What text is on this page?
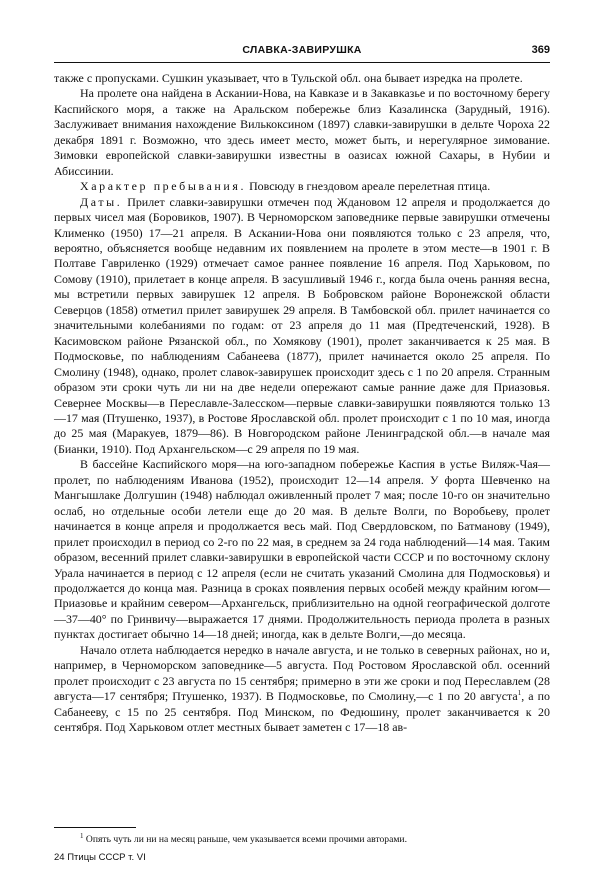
СЛАВКА-ЗАВИРУШКА	369

также с пропусками. Сушкин указывает, что в Тульской обл. она бывает изредка на пролете.

На пролете она найдена в Аскании-Нова, на Кавказе и в Закавказье и по восточному берегу Каспийского моря, а также на Аральском побережье близ Казалинска (Зарудный, 1916). Заслуживает внимания нахождение Вилькоксином (1897) славки-завирушки в дельте Чороха 22 декабря 1891 г. Возможно, что здесь имеет место, может быть, и нерегулярное зимование. Зимовки европейской славки-завирушки известны в оазисах южной Сахары, в Нубии и Абиссинии.

Характер пребывания. Повсюду в гнездовом ареале перелетная птица.

Даты. Прилет славки-завирушки отмечен под Ждановом 12 апреля и продолжается до первых чисел мая (Боровиков, 1907). В Черноморском заповеднике первые завирушки отмечены Клименко (1950) 17—21 апреля. В Аскании-Нова они появляются только с 23 апреля, что, вероятно, объясняется вообще недавним их появлением на пролете в этом месте—в 1901 г. В Полтаве Гавриленко (1929) отмечает самое раннее появление 16 апреля. Под Харьковом, по Сомову (1910), прилетает в конце апреля. В засушливый 1946 г., когда была очень ранняя весна, мы встретили первых завирушек 12 апреля. В Бобровском районе Воронежской области Северцов (1858) отметил прилет завирушек 29 апреля. В Тамбовской обл. прилет начинается со значительными колебаниями по годам: от 23 апреля до 11 мая (Предтеченский, 1928). В Касимовском районе Рязанской обл., по Хомякову (1901), пролет заканчивается к 25 мая. В Подмосковье, по наблюдениям Сабанеева (1877), прилет начинается около 25 апреля. По Смолину (1948), однако, пролет славок-завирушек происходит здесь с 1 по 20 апреля. Странным образом эти сроки чуть ли ни на две недели опережают самые ранние даже для Приазовья. Севернее Москвы—в Переславле-Залесском—первые славки-завирушки появляются только 13—17 мая (Птушенко, 1937), в Ростове Ярославской обл. пролет происходит с 1 по 10 мая, иногда до 25 мая (Маракуев, 1879—86). В Новгородском районе Ленинградской обл.—в начале мая (Бианки, 1910). Под Архангельском—с 29 апреля по 19 мая.

В бассейне Каспийского моря—на юго-западном побережье Каспия в устье Виляж-Чая—пролет, по наблюдениям Иванова (1952), происходит 12—14 апреля. У форта Шевченко на Мангышлаке Долгушин (1948) наблюдал оживленный пролет 7 мая; после 10-го он значительно ослаб, но отдельные особи летели еще до 20 мая. В дельте Волги, по Воробьеву, пролет начинается в конце апреля и продолжается весь май. Под Свердловском, по Батманову (1949), прилет происходил в период со 2-го по 22 мая, в среднем за 24 года наблюдений—14 мая. Таким образом, весенний прилет славки-завирушки в европейской части СССР и по восточному склону Урала начинается в период с 12 апреля (если не считать указаний Смолина для Подмосковья) и продолжается до конца мая. Разница в сроках появления первых особей между крайним югом—Приазовье и крайним севером—Архангельск, приблизительно на одной географической долготе—37—40° по Гринвичу—выражается 17 днями. Продолжительность периода пролета в разных пунктах достигает обычно 14—18 дней; иногда, как в дельте Волги,—до месяца.

Начало отлета наблюдается нередко в начале августа, и не только в северных районах, но и, например, в Черноморском заповеднике—5 августа. Под Ростовом Ярославской обл. осенний пролет происходит с 23 августа по 15 сентября; примерно в эти же сроки и под Переславлем (28 августа—17 сентября; Птушенко, 1937). В Подмосковье, по Смолину,—с 1 по 20 августа$^1$, а по Сабанееву, с 15 по 25 сентября. Под Минском, по Федюшину, пролет заканчивается к 20 сентября. Под Харьковом отлет местных бывает заметен с 17—18 ав-

$^1$ Опять чуть ли ни на месяц раньше, чем указывается всеми прочими авторами.
24 Птицы СССР т. VI
